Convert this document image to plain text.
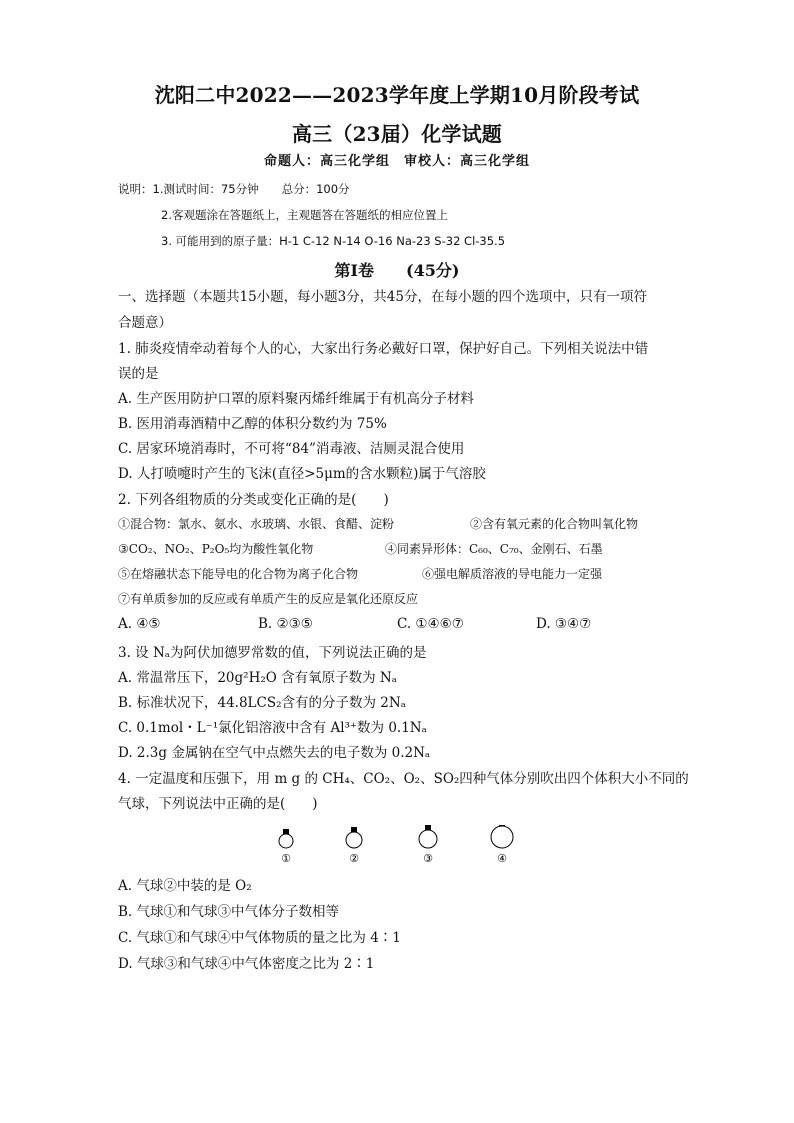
沈阳二中2022——2023学年度上学期10月阶段考试
高三（23届）化学试题
命题人：高三化学组　审校人：高三化学组
说明：1.测试时间：75分钟　　总分：100分
2.客观题涂在答题纸上，主观题答在答题纸的相应位置上
3. 可能用到的原子量：H-1 C-12 N-14 O-16 Na-23 S-32 Cl-35.5
第Ⅰ卷　　(45分)
一、选择题（本题共15小题，每小题3分，共45分，在每小题的四个选项中，只有一项符
合题意）
1. 肺炎疫情牵动着每个人的心，大家出行务必戴好口罩，保护好自己。下列相关说法中错
误的是
A. 生产医用防护口罩的原料聚丙烯纤维属于有机高分子材料
B. 医用消毒酒精中乙醇的体积分数约为 75%
C. 居家环境消毒时，不可将“84”消毒液、洁厕灵混合使用
D. 人打喷嚏时产生的飞沫(直径>5μm的含水颗粒)属于气溶胶
2. 下列各组物质的分类或变化正确的是(　　)
①混合物：氯水、氨水、水玻璃、水银、食醋、淀粉	②含有氧元素的化合物叫氧化物
③CO₂、NO₂、P₂O₅均为酸性氧化物	④同素异形体：C₆₀、C₇₀、金刚石、石墨
⑤在熔融状态下能导电的化合物为离子化合物	⑥强电解质溶液的导电能力一定强
⑦有单质参加的反应或有单质产生的反应是氧化还原反应
A. ④⑤	B. ②③⑤	C. ①④⑥⑦	D. ③④⑦
3. 设 Nₐ为阿伏加德罗常数的值，下列说法正确的是
A. 常温常压下，20g²H₂O 含有氧原子数为 Nₐ
B. 标准状况下，44.8LCS₂含有的分子数为 2Nₐ
C. 0.1mol・L⁻¹氯化铝溶液中含有 Al³⁺数为 0.1Nₐ
D. 2.3g 金属钠在空气中点燃失去的电子数为 0.2Nₐ
4. 一定温度和压强下，用 m g 的 CH₄、CO₂、O₂、SO₂四种气体分别吹出四个体积大小不同的
气球，下列说法中正确的是(　　)
①	②	③	④
A. 气球②中装的是 O₂
B. 气球①和气球③中气体分子数相等
C. 气球①和气球④中气体物质的量之比为 4∶1
D. 气球③和气球④中气体密度之比为 2∶1
